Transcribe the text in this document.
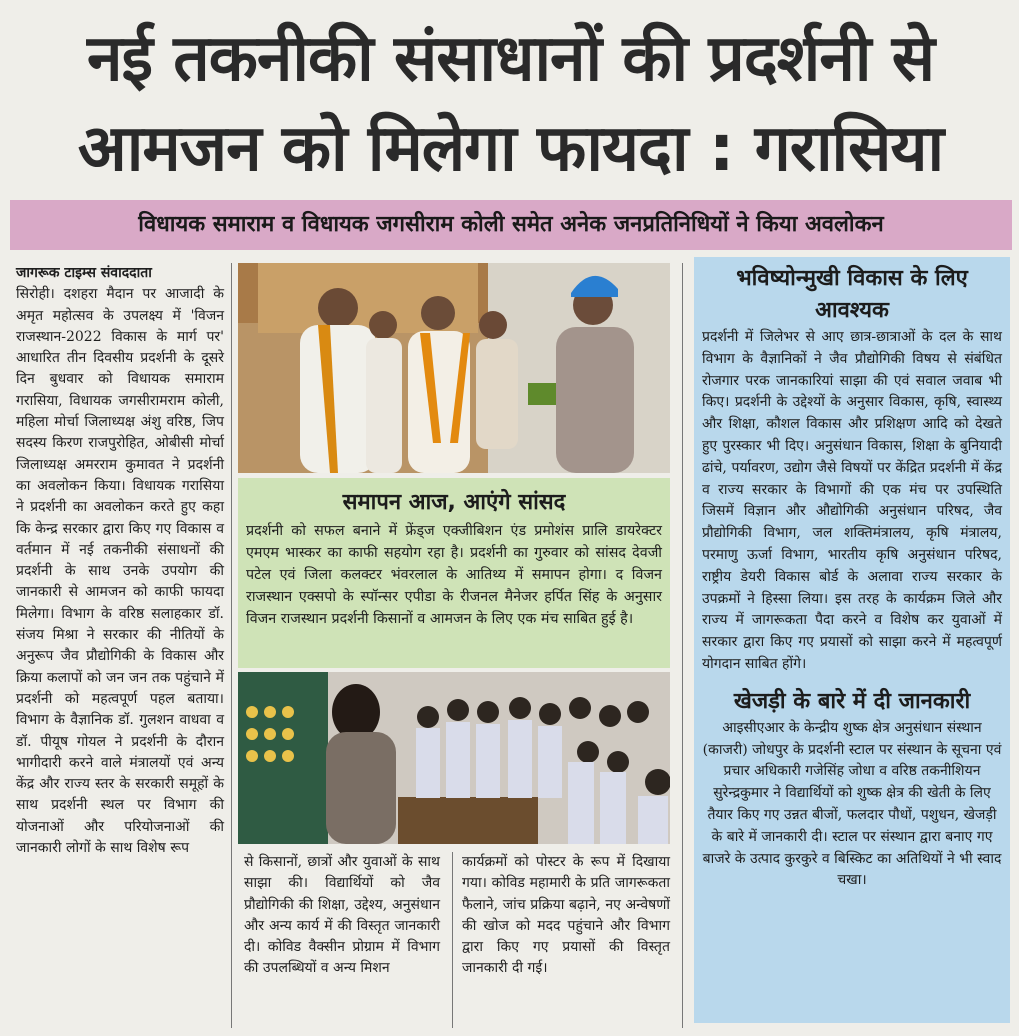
नई तकनीकी संसाधानों की प्रदर्शनी से आमजन को मिलेगा फायदा : गरासिया
विधायक समाराम व विधायक जगसीराम कोली समेत अनेक जनप्रतिनिधियों ने किया अवलोकन
जागरूक टाइम्स संवाददाता
सिरोही। दशहरा मैदान पर आजादी के अमृत महोत्सव के उपलक्ष्य में 'विजन राजस्थान-2022 विकास के मार्ग पर' आधारित तीन दिवसीय प्रदर्शनी के दूसरे दिन बुधवार को विधायक समाराम गरासिया, विधायक जगसीरामराम कोली, महिला मोर्चा जिलाध्यक्ष अंशु वरिष्ठ, जिप सदस्य किरण राजपुरोहित, ओबीसी मोर्चा जिलाध्यक्ष अमरराम कुमावत ने प्रदर्शनी का अवलोकन किया। विधायक गरासिया ने प्रदर्शनी का अवलोकन करते हुए कहा कि केन्द्र सरकार द्वारा किए गए विकास व वर्तमान में नई तकनीकी संसाधनों की प्रदर्शनी के साथ उनके उपयोग की जानकारी से आमजन को काफी फायदा मिलेगा। विभाग के वरिष्ठ सलाहकार डॉ. संजय मिश्रा ने सरकार की नीतियों के अनुरूप जैव प्रौद्योगिकी के विकास और क्रिया कलापों को जन जन तक पहुंचाने में प्रदर्शनी को महत्वपूर्ण पहल बताया। विभाग के वैज्ञानिक डॉ. गुलशन वाधवा व डॉ. पीयूष गोयल ने प्रदर्शनी के दौरान भागीदारी करने वाले मंत्रालयों एवं अन्य केंद्र और राज्य स्तर के सरकारी समूहों के साथ प्रदर्शनी स्थल पर विभाग की योजनाओं और परियोजनाओं की जानकारी लोगों के साथ विशेष रूप
समापन आज, आएंगे सांसद

प्रदर्शनी को सफल बनाने में फ्रेंड्ज एक्जीबिशन एंड प्रमोशंस प्रालि डायरेक्टर एमएम भास्कर का काफी सहयोग रहा है। प्रदर्शनी का गुरुवार को सांसद देवजी पटेल एवं जिला कलक्टर भंवरलाल के आतिथ्य में समापन होगा। द विजन राजस्थान एक्सपो के स्पॉन्सर एपीडा के रीजनल मैनेजर हर्पित सिंह के अनुसार विजन राजस्थान प्रदर्शनी किसानों व आमजन के लिए एक मंच साबित हुई है।

से किसानों, छात्रों और युवाओं के साथ साझा की। विद्यार्थियों को जैव प्रौद्योगिकी की शिक्षा, उद्देश्य, अनुसंधान और अन्य कार्य में की विस्तृत जानकारी दी। कोविड वैक्सीन प्रोग्राम में विभाग की उपलब्धियों व अन्य मिशन
कार्यक्रमों को पोस्टर के रूप में दिखाया गया। कोविड महामारी के प्रति जागरूकता फैलाने, जांच प्रक्रिया बढ़ाने, नए अन्वेषणों की खोज को मदद पहुंचाने और विभाग द्वारा किए गए प्रयासों की विस्तृत जानकारी दी गई।
भविष्योन्मुखी विकास के लिए आवश्यक

प्रदर्शनी में जिलेभर से आए छात्र-छात्राओं के दल के साथ विभाग के वैज्ञानिकों ने जैव प्रौद्योगिकी विषय से संबंधित रोजगार परक जानकारियां साझा की एवं सवाल जवाब भी किए। प्रदर्शनी के उद्देश्यों के अनुसार विकास, कृषि, स्वास्थ्य और शिक्षा, कौशल विकास और प्रशिक्षण आदि को देखते हुए पुरस्कार भी दिए। अनुसंधान विकास, शिक्षा के बुनियादी ढांचे, पर्यावरण, उद्योग जैसे विषयों पर केंद्रित प्रदर्शनी में केंद्र व राज्य सरकार के विभागों की एक मंच पर उपस्थिति जिसमें विज्ञान और औद्योगिकी अनुसंधान परिषद, जैव प्रौद्योगिकी विभाग, जल शक्तिमंत्रालय, कृषि मंत्रालय, परमाणु ऊर्जा विभाग, भारतीय कृषि अनुसंधान परिषद, राष्ट्रीय डेयरी विकास बोर्ड के अलावा राज्य सरकार के उपक्रमों ने हिस्सा लिया। इस तरह के कार्यक्रम जिले और राज्य में जागरूकता पैदा करने व विशेष कर युवाओं में सरकार द्वारा किए गए प्रयासों को साझा करने में महत्वपूर्ण योगदान साबित होंगे।

खेजड़ी के बारे में दी जानकारी

आइसीएआर के केन्द्रीय शुष्क क्षेत्र अनुसंधान संस्थान (काजरी) जोधपुर के प्रदर्शनी स्टाल पर संस्थान के सूचना एवं प्रचार अधिकारी गजेसिंह जोधा व वरिष्ठ तकनीशियन सुरेन्द्रकुमार ने विद्यार्थियों को शुष्क क्षेत्र की खेती के लिए तैयार किए गए उन्नत बीजों, फलदार पौधों, पशुधन, खेजड़ी के बारे में जानकारी दी। स्टाल पर संस्थान द्वारा बनाए गए बाजरे के उत्पाद कुरकुरे व बिस्किट का अतिथियों ने भी स्वाद चखा।
